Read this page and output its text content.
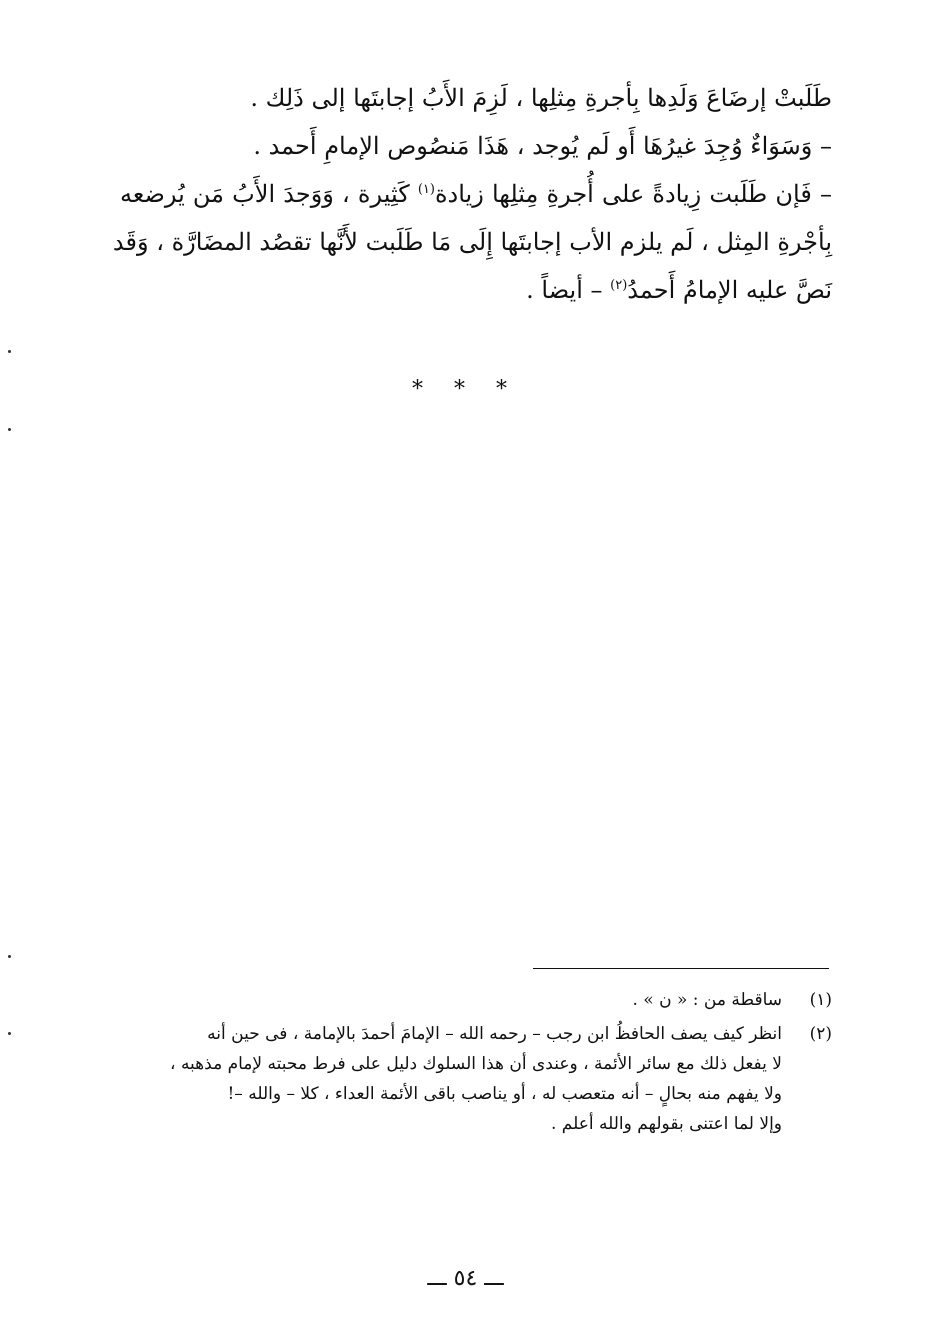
طَلَبتْ إرضَاعَ وَلَدِها بِأجرةِ مِثلِها ، لَزِمَ الأَبُ إجابتَها إلى ذَلِك .
– وَسَوَاءٌ وُجِدَ غيرُهَا أَو لَم يُوجد ، هَذَا مَنصُوص الإمامِ أَحمد .
– فَإن طَلَبت زِيادةً على أُجرةِ مِثلِها زيادة$^{(١)}$ كَثِيرة ، وَوَجدَ الأَبُ مَن يُرضعه
بِأجْرةِ المِثل ، لَم يلزم الأب إجابتَها إِلَى مَا طَلَبت لأَنَّها تقصُد المضَارَّة ، وَقَد
نَصَّ عليه الإمامُ أَحمدُ$^{(٢)}$ – أيضاً .
* * *
(١)
ساقطة من : « ن » .
(٢)
انظر كيف يصف الحافظُ ابن رجب – رحمه الله – الإمامَ أحمدَ بالإمامة ، فى حين أنه
لا يفعل ذلك مع سائر الأئمة ، وعندى أن هذا السلوك دليل على فرط محبته لإمام مذهبه ،
ولا يفهم منه بحالٍ – أنه متعصب له ، أو يناصب باقى الأئمة العداء ، كلا – والله –!
وإلا لما اعتنى بقولهم والله أعلم .
ـــ ٥٤ ـــ
